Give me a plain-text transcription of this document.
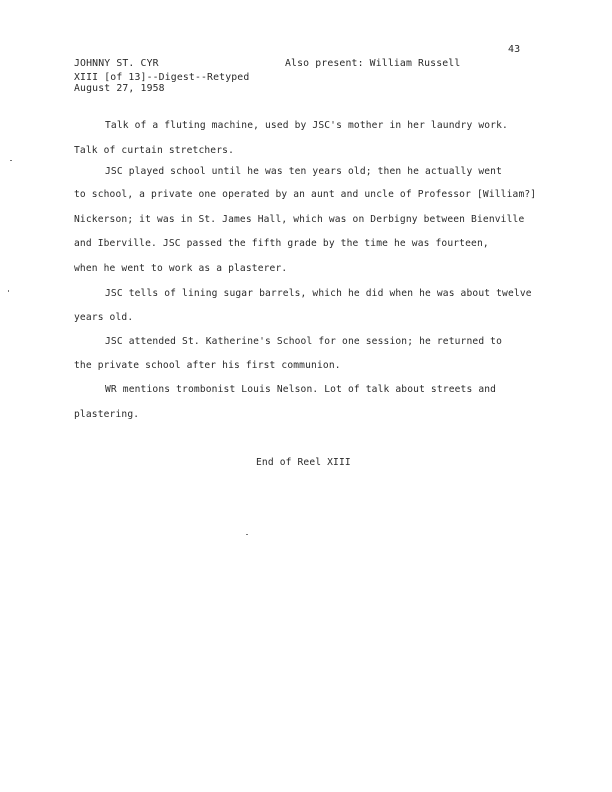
43
JOHNNY ST. CYR	Also present: William Russell
XIII [of 13]--Digest--Retyped
August 27, 1958
Talk of a fluting machine, used by JSC's mother in her laundry work.
Talk of curtain stretchers.
JSC played school until he was ten years old; then he actually went
to school, a private one operated by an aunt and uncle of Professor [William?]
Nickerson; it was in St. James Hall, which was on Derbigny between Bienville
and Iberville. JSC passed the fifth grade by the time he was fourteen,
when he went to work as a plasterer.
JSC tells of lining sugar barrels, which he did when he was about twelve
years old.
JSC attended St. Katherine's School for one session; he returned to
the private school after his first communion.
WR mentions trombonist Louis Nelson. Lot of talk about streets and
plastering.
End of Reel XIII
